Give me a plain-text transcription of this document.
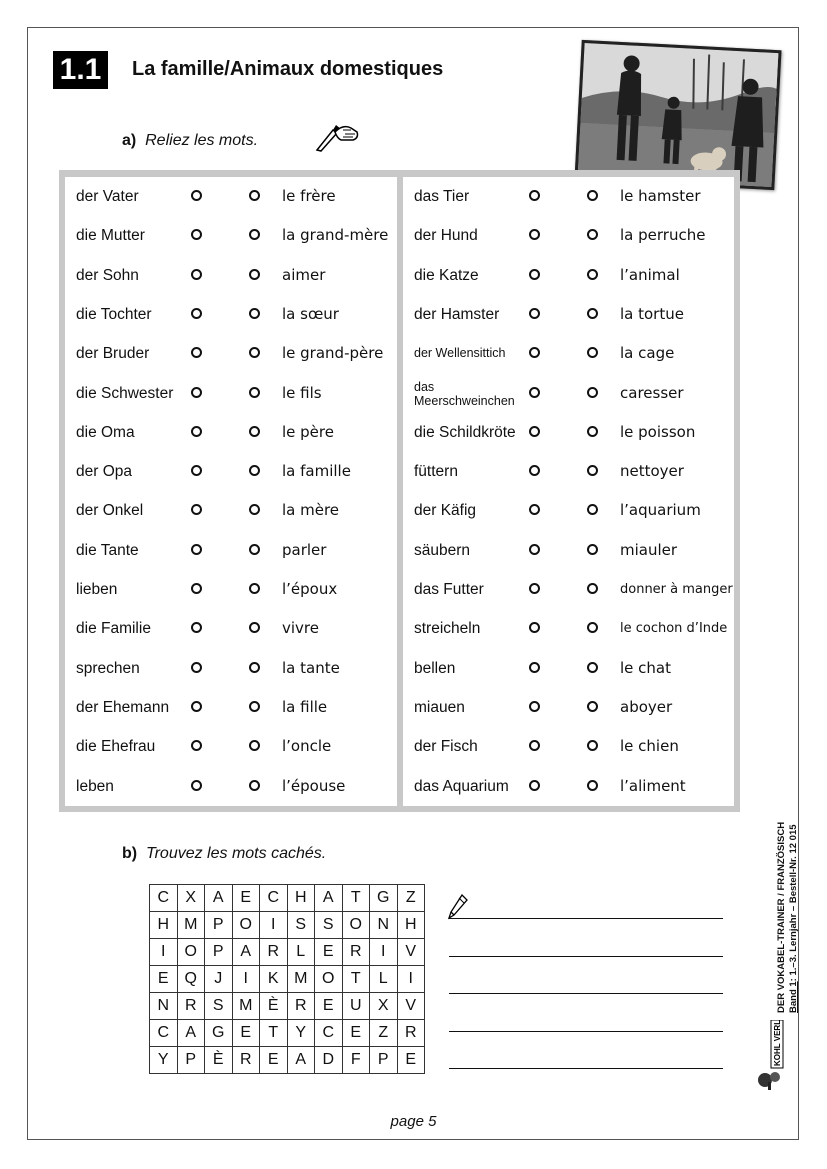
1.1	La famille/Animaux domestiques
a) Reliez les mots.
der Vater	le frère
die Mutter	la grand-mère
der Sohn	aimer
die Tochter	la sœur
der Bruder	le grand-père
die Schwester	le fils
die Oma	le père
der Opa	la famille
der Onkel	la mère
die Tante	parler
lieben	l’époux
die Familie	vivre
sprechen	la tante
der Ehemann	la fille
die Ehefrau	l’oncle
leben	l’épouse
das Tier	le hamster
der Hund	la perruche
die Katze	l’animal
der Hamster	la tortue
der Wellensittich	la cage
das Meerschweinchen	caresser
die Schildkröte	le poisson
füttern	nettoyer
der Käfig	l’aquarium
säubern	miauler
das Futter	donner à manger
streicheln	le cochon d’Inde
bellen	le chat
miauen	aboyer
der Fisch	le chien
das Aquarium	l’aliment
b) Trouvez les mots cachés.
C	X	A	E	C	H	A	T	G	Z
H	M	P	O	I	S	S	O	N	H
I	O	P	A	R	L	E	R	I	V
E	Q	J	I	K	M	O	T	L	I
N	R	S	M	È	R	E	U	X	V
C	A	G	E	T	Y	C	E	Z	R
Y	P	È	R	E	A	D	F	P	E
DER VOKABEL-TRAINER / FRANZÖSISCH Band 1: 1.–3. Lernjahr – Bestell-Nr. 12 015
KOHL VERLAG
page 5
